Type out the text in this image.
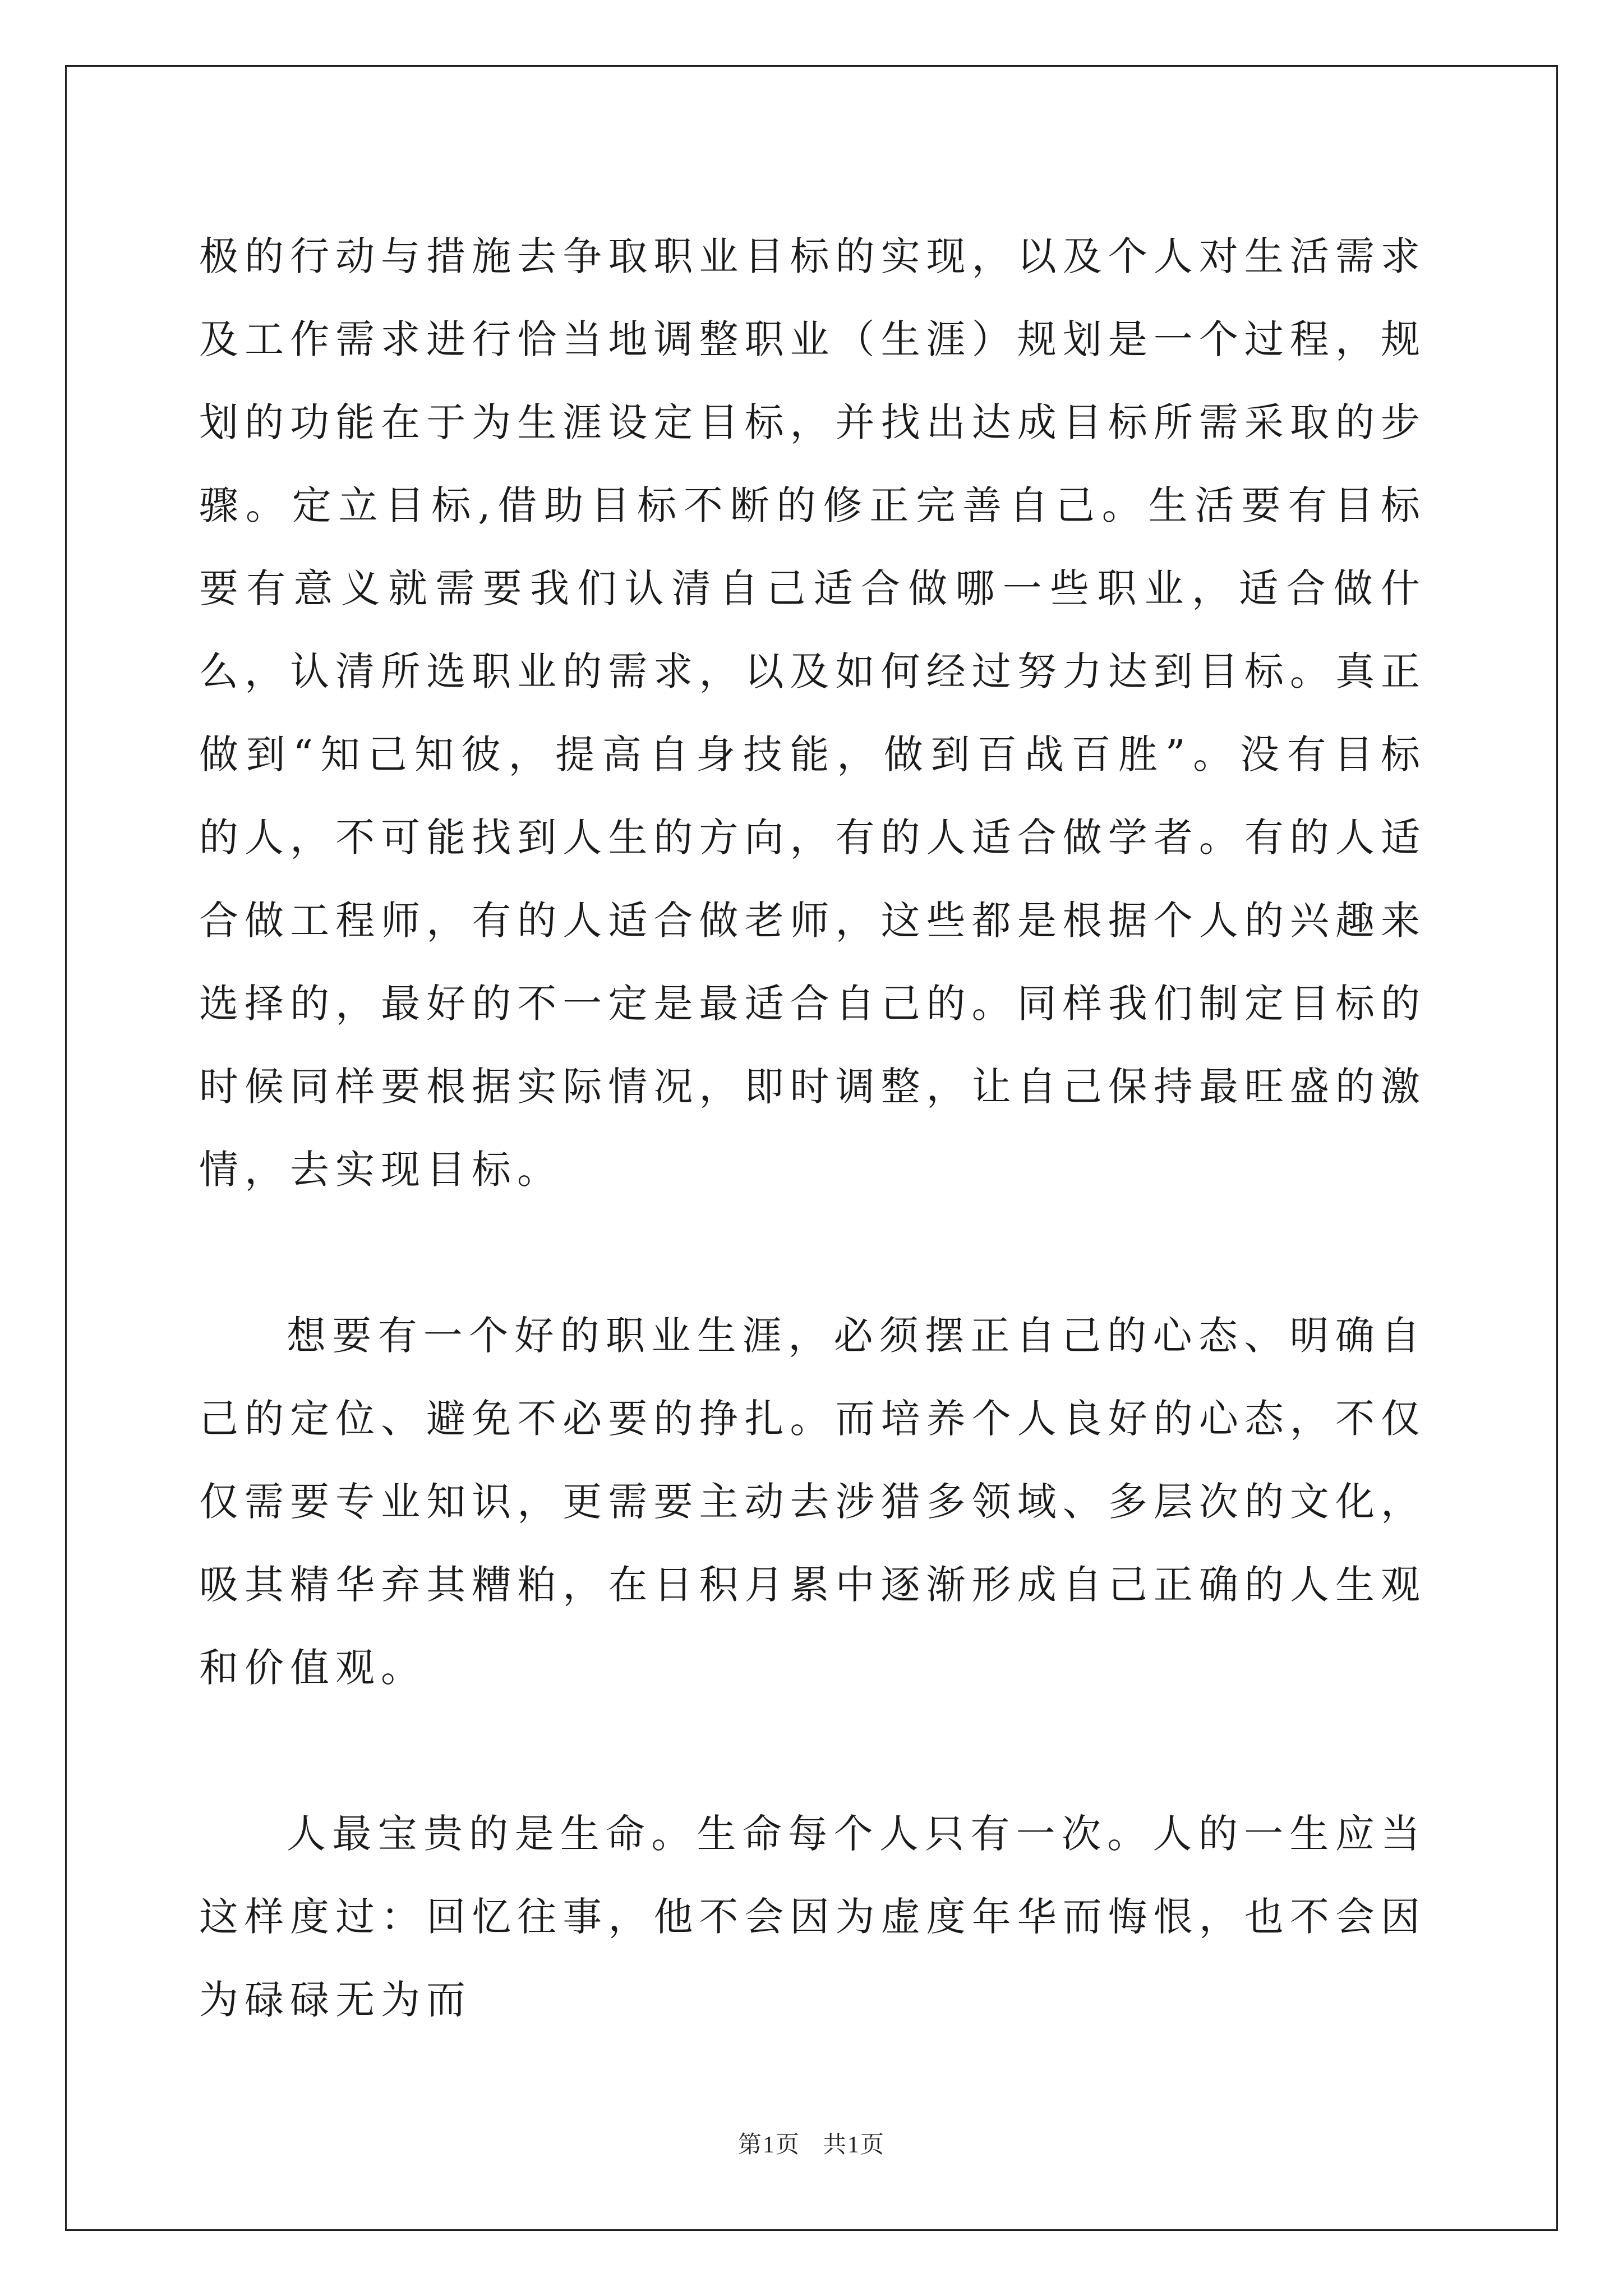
极的行动与措施去争取职业目标的实现，以及个人对生活需求及工作需求进行恰当地调整职业（生涯）规划是一个过程，规划的功能在于为生涯设定目标，并找出达成目标所需采取的步骤。定立目标,借助目标不断的修正完善自己。生活要有目标要有意义就需要我们认清自己适合做哪一些职业，适合做什么，认清所选职业的需求，以及如何经过努力达到目标。真正做到“知己知彼，提高自身技能，做到百战百胜”。没有目标的人，不可能找到人生的方向，有的人适合做学者。有的人适合做工程师，有的人适合做老师，这些都是根据个人的兴趣来选择的，最好的不一定是最适合自己的。同样我们制定目标的时候同样要根据实际情况，即时调整，让自己保持最旺盛的激情，去实现目标。

想要有一个好的职业生涯，必须摆正自己的心态、明确自己的定位、避免不必要的挣扎。而培养个人良好的心态，不仅仅需要专业知识，更需要主动去涉猎多领域、多层次的文化，吸其精华弃其糟粕，在日积月累中逐渐形成自己正确的人生观和价值观。

人最宝贵的是生命。生命每个人只有一次。人的一生应当这样度过：回忆往事，他不会因为虚度年华而悔恨，也不会因为碌碌无为而

第1页 共1页
